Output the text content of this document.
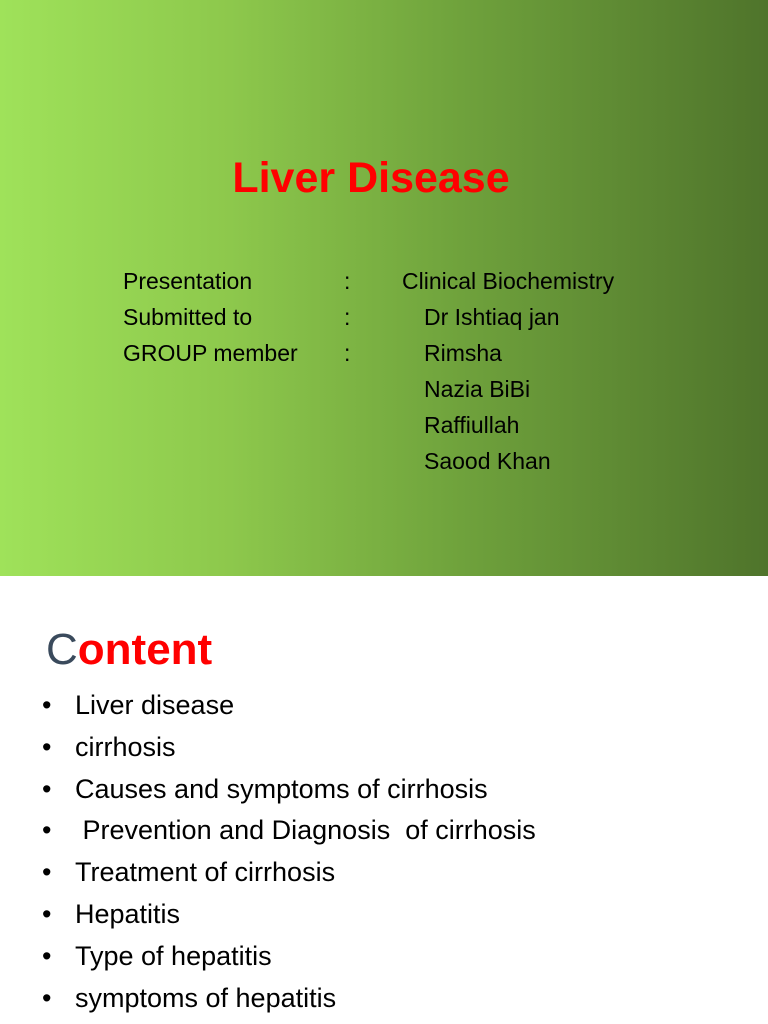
Liver Disease
Presentation	: Clinical Biochemistry
Submitted to	:	Dr Ishtiaq jan
GROUP member :	Rimsha
Nazia BiBi
Raffiullah
Saood Khan
Content
• Liver disease
• cirrhosis
• Causes and symptoms of cirrhosis
• Prevention and Diagnosis  of cirrhosis
• Treatment of cirrhosis
• Hepatitis
• Type of hepatitis
• symptoms of hepatitis
